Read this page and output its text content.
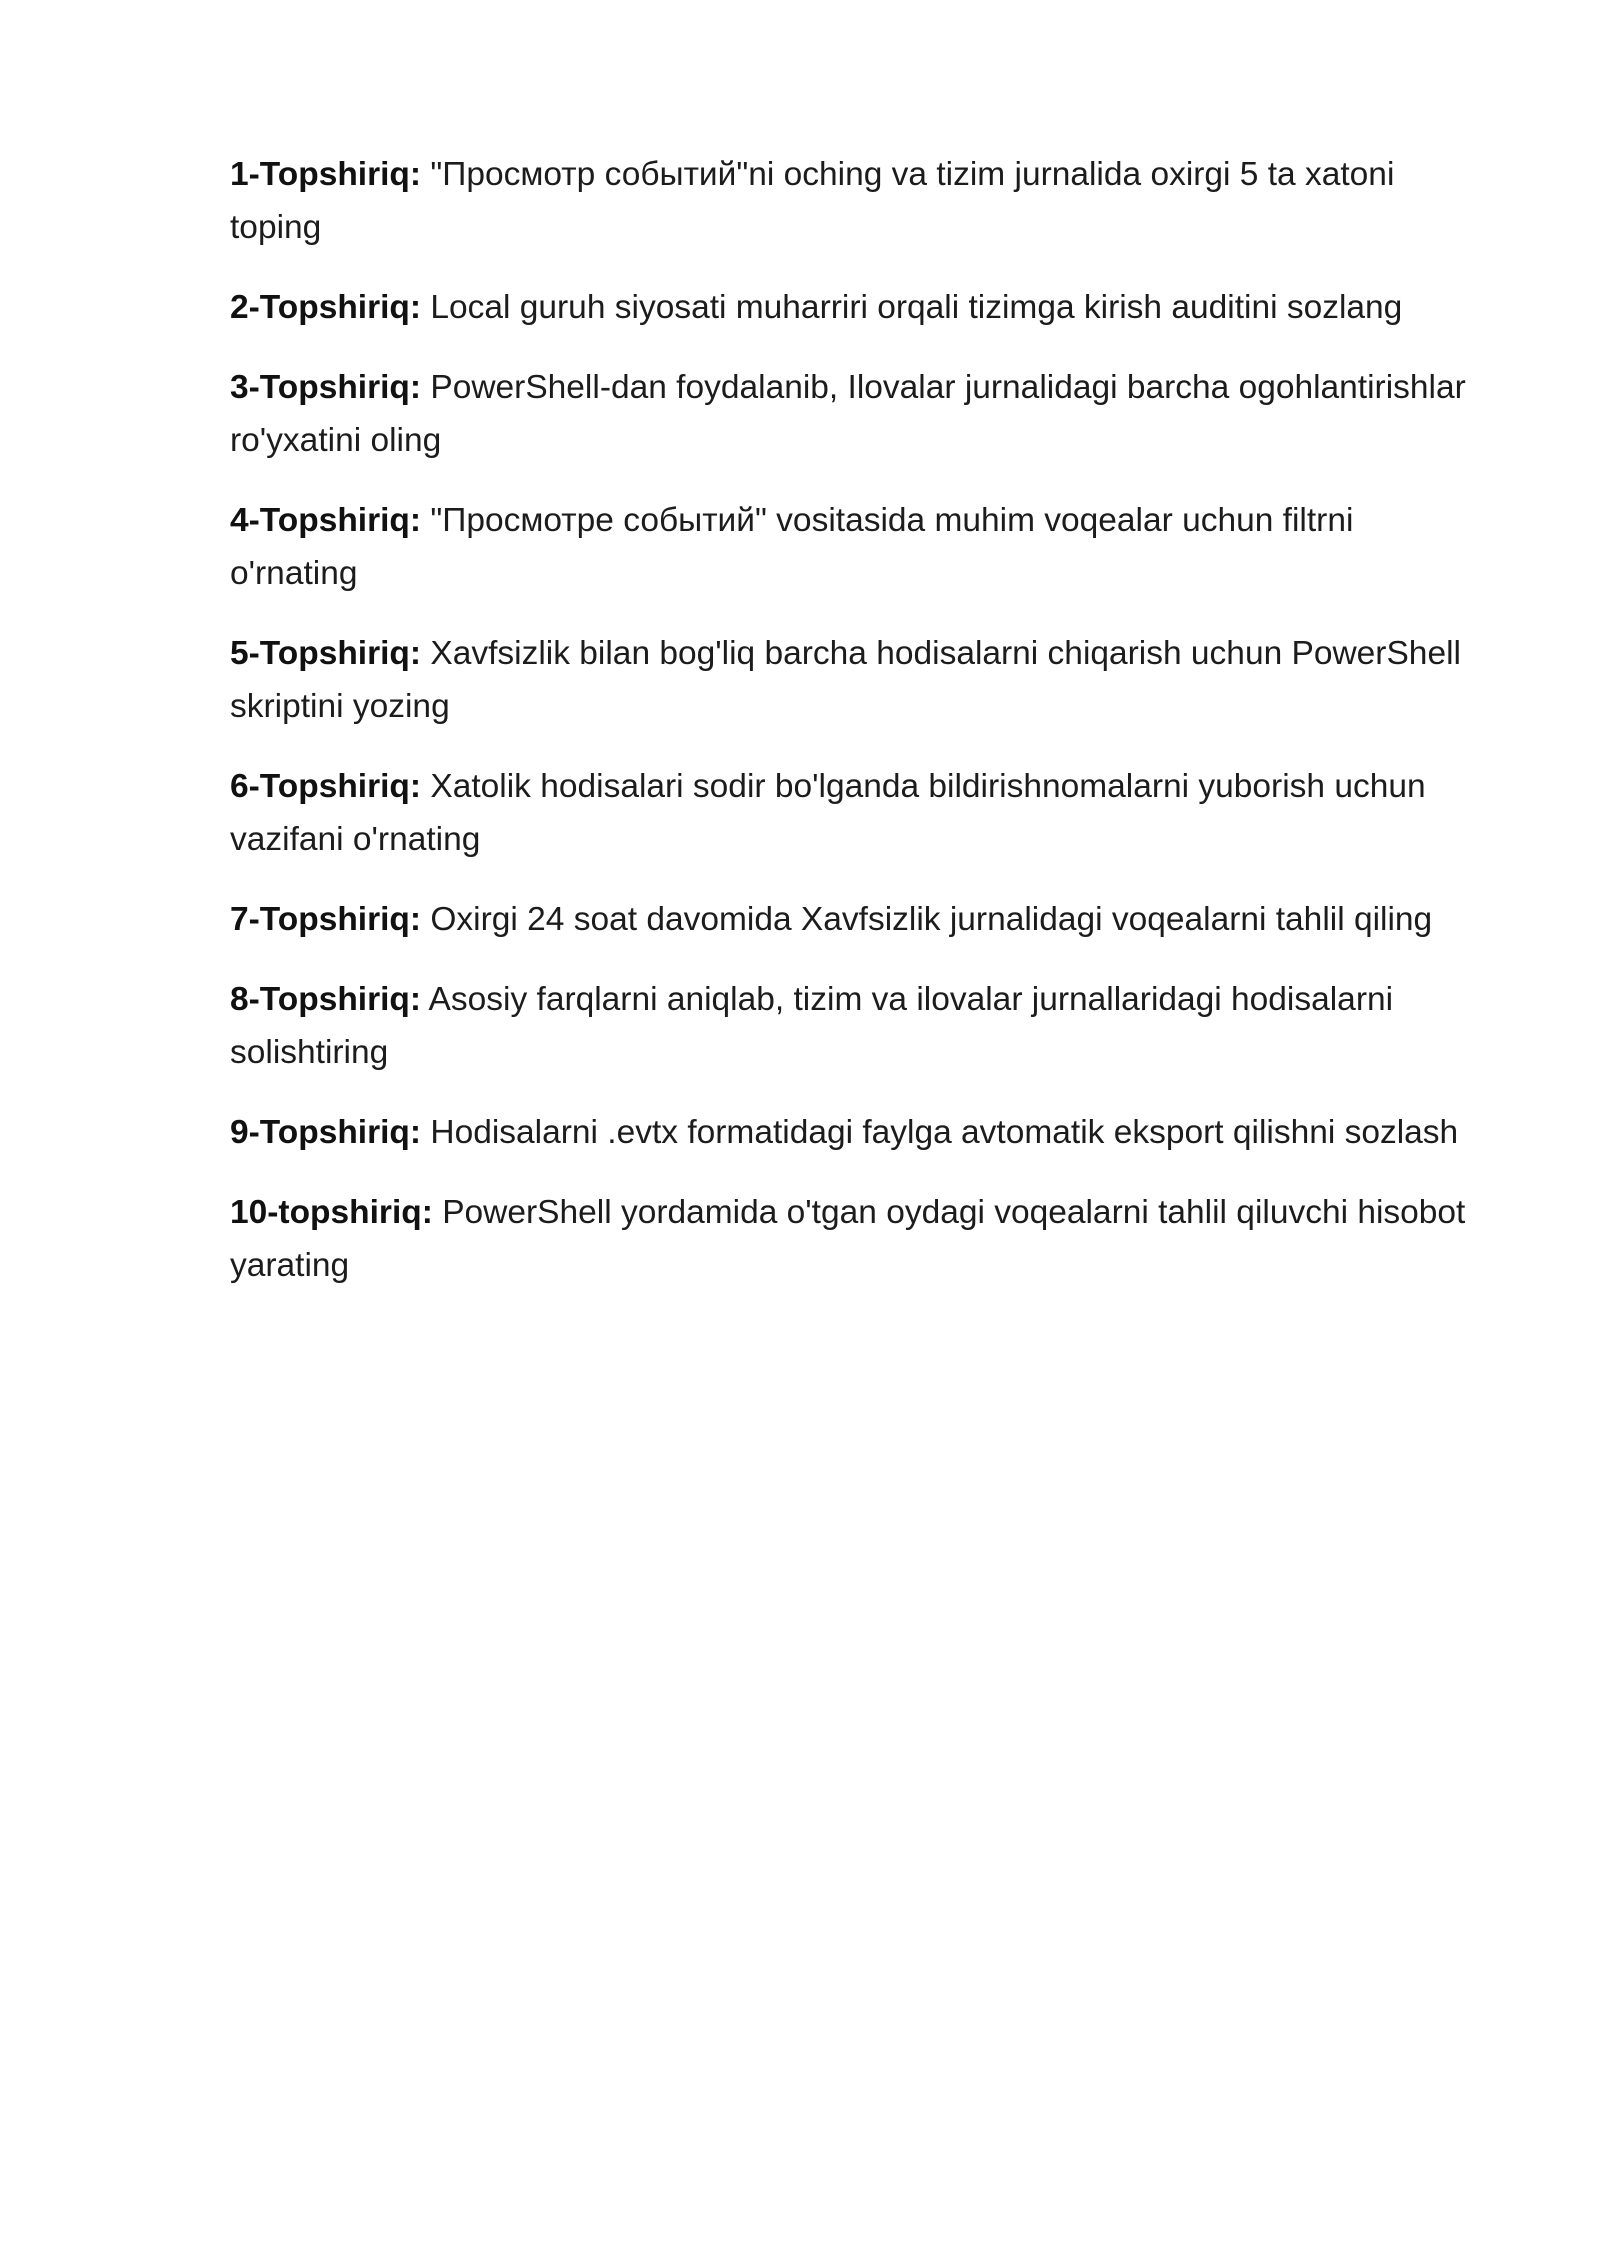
1-Topshiriq: "Просмотр событий"ni oching va tizim jurnalida oxirgi 5 ta xatoni toping

2-Topshiriq: Local guruh siyosati muharriri orqali tizimga kirish auditini sozlang

3-Topshiriq: PowerShell-dan foydalanib, Ilovalar jurnalidagi barcha ogohlantirishlar ro'yxatini oling

4-Topshiriq: "Просмотре событий" vositasida muhim voqealar uchun filtrni o'rnating

5-Topshiriq: Xavfsizlik bilan bog'liq barcha hodisalarni chiqarish uchun PowerShell skriptini yozing

6-Topshiriq: Xatolik hodisalari sodir bo'lganda bildirishnomalarni yuborish uchun vazifani o'rnating

7-Topshiriq: Oxirgi 24 soat davomida Xavfsizlik jurnalidagi voqealarni tahlil qiling

8-Topshiriq: Asosiy farqlarni aniqlab, tizim va ilovalar jurnallaridagi hodisalarni solishtiring

9-Topshiriq: Hodisalarni .evtx formatidagi faylga avtomatik eksport qilishni sozlash

10-topshiriq: PowerShell yordamida o'tgan oydagi voqealarni tahlil qiluvchi hisobot yarating
